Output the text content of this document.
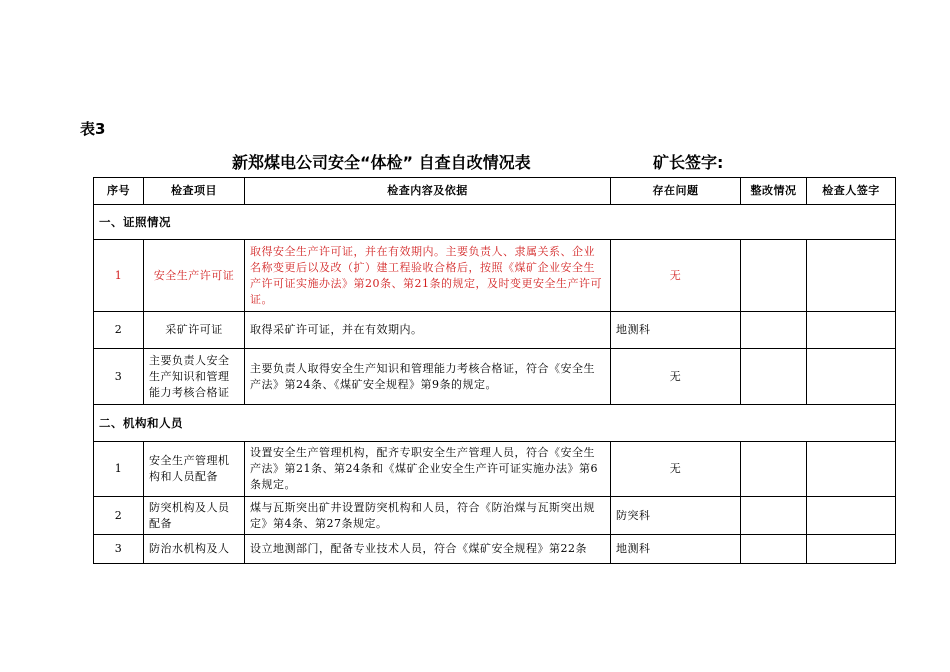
表3
新郑煤电公司安全“体检” 自查自改情况表	矿长签字:
序号	检查项目	检查内容及依据	存在问题	整改情况	检查人签字
一、证照情况					
1	安全生产许可证	取得安全生产许可证，并在有效期内。主要负责人、隶属关系、企业名称变更后以及改（扩）建工程验收合格后，按照《煤矿企业安全生产许可证实施办法》第20条、第21条的规定，及时变更安全生产许可证。	无		
2	采矿许可证	取得采矿许可证，并在有效期内。	地测科		
3	主要负责人安全生产知识和管理能力考核合格证	主要负责人取得安全生产知识和管理能力考核合格证，符合《安全生产法》第24条、《煤矿安全规程》第9条的规定。	无		
二、机构和人员					
1	安全生产管理机构和人员配备	设置安全生产管理机构，配齐专职安全生产管理人员，符合《安全生产法》第21条、第24条和《煤矿企业安全生产许可证实施办法》第6条规定。	无		
2	防突机构及人员配备	煤与瓦斯突出矿井设置防突机构和人员，符合《防治煤与瓦斯突出规定》第4条、第27条规定。	防突科		
3	防治水机构及人	设立地测部门，配备专业技术人员，符合《煤矿安全规程》第22条	地测科		
